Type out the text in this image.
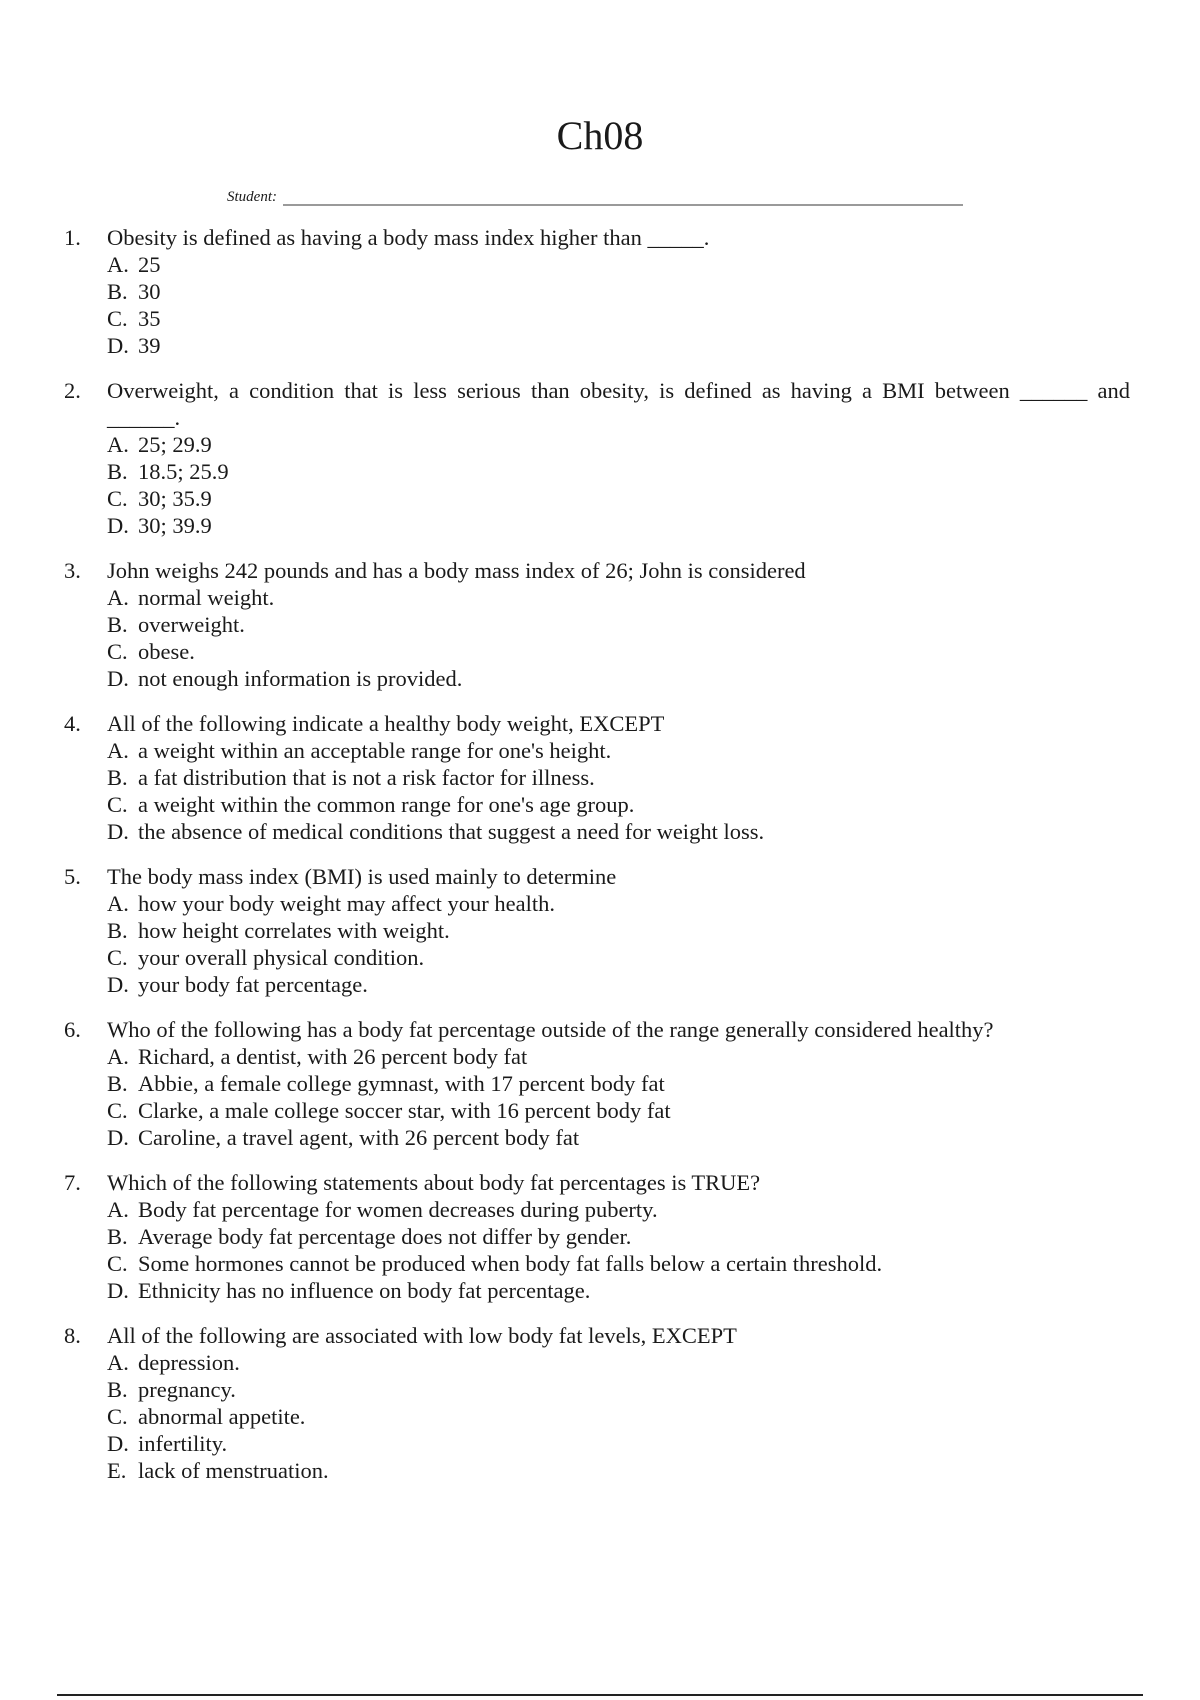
Ch08
Student:
1. Obesity is defined as having a body mass index higher than _____.
A. 25
B. 30
C. 35
D. 39
2. Overweight, a condition that is less serious than obesity, is defined as having a BMI between ______ and ______.
A. 25; 29.9
B. 18.5; 25.9
C. 30; 35.9
D. 30; 39.9
3. John weighs 242 pounds and has a body mass index of 26; John is considered
A. normal weight.
B. overweight.
C. obese.
D. not enough information is provided.
4. All of the following indicate a healthy body weight, EXCEPT
A. a weight within an acceptable range for one's height.
B. a fat distribution that is not a risk factor for illness.
C. a weight within the common range for one's age group.
D. the absence of medical conditions that suggest a need for weight loss.
5. The body mass index (BMI) is used mainly to determine
A. how your body weight may affect your health.
B. how height correlates with weight.
C. your overall physical condition.
D. your body fat percentage.
6. Who of the following has a body fat percentage outside of the range generally considered healthy?
A. Richard, a dentist, with 26 percent body fat
B. Abbie, a female college gymnast, with 17 percent body fat
C. Clarke, a male college soccer star, with 16 percent body fat
D. Caroline, a travel agent, with 26 percent body fat
7. Which of the following statements about body fat percentages is TRUE?
A. Body fat percentage for women decreases during puberty.
B. Average body fat percentage does not differ by gender.
C. Some hormones cannot be produced when body fat falls below a certain threshold.
D. Ethnicity has no influence on body fat percentage.
8. All of the following are associated with low body fat levels, EXCEPT
A. depression.
B. pregnancy.
C. abnormal appetite.
D. infertility.
E. lack of menstruation.
